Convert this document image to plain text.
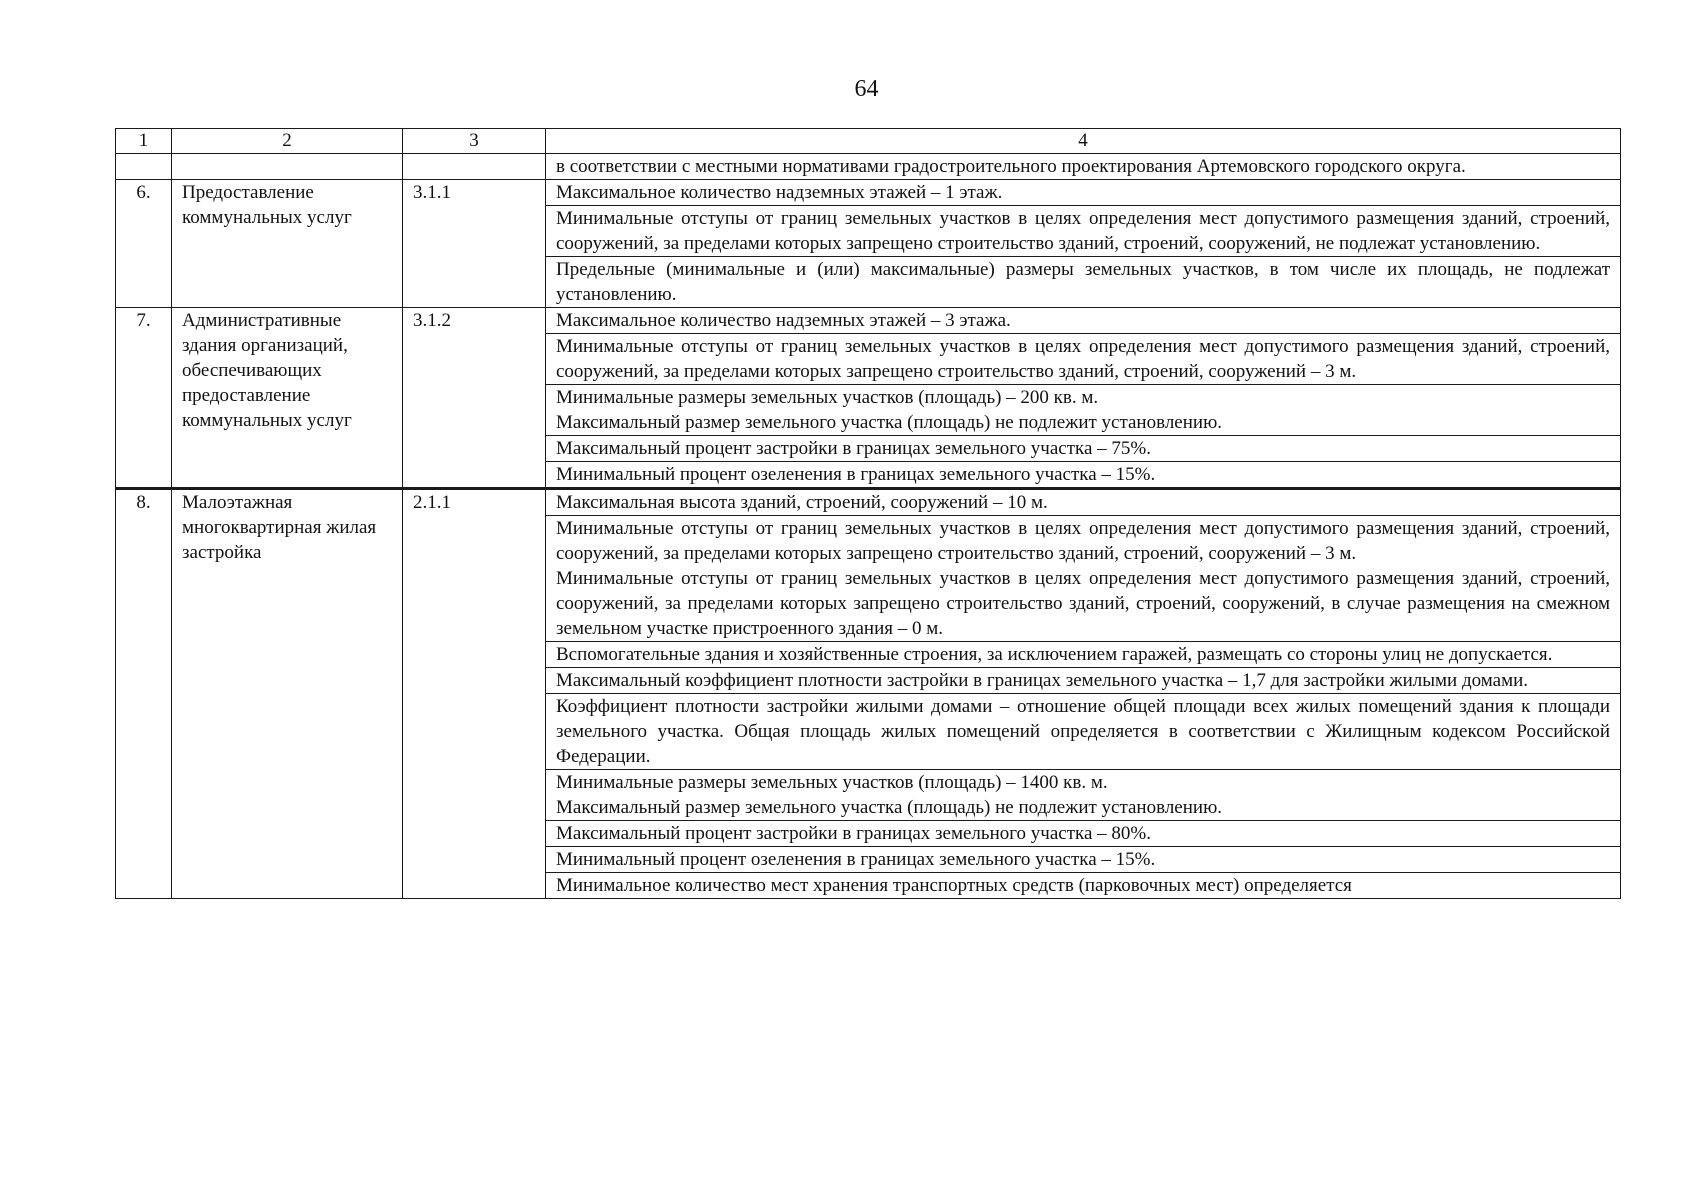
64
1	2	3	4
			в соответствии с местными нормативами градостроительного проектирования Артемовского городского округа.
6.	Предоставление коммунальных услуг	3.1.1	Максимальное количество надземных этажей – 1 этаж.

			Минимальные отступы от границ земельных участков в целях определения мест допустимого размещения зданий, строений, сооружений, за пределами которых запрещено строительство зданий, строений, сооружений, не подлежат установлению.

			Предельные (минимальные и (или) максимальные) размеры земельных участков, в том числе их площадь, не подлежат установлению.

7.	Административные здания организаций, обеспечивающих предоставление коммунальных услуг	3.1.2	Максимальное количество надземных этажей – 3 этажа.

			Минимальные отступы от границ земельных участков в целях определения мест допустимого размещения зданий, строений, сооружений, за пределами которых запрещено строительство зданий, строений, сооружений – 3 м.

			Минимальные размеры земельных участков (площадь) – 200 кв. м.
Максимальный размер земельного участка (площадь) не подлежит установлению.

			Максимальный процент застройки в границах земельного участка – 75%.

			Минимальный процент озеленения в границах земельного участка – 15%.

8.	Малоэтажная многоквартирная жилая застройка	2.1.1	Максимальная высота зданий, строений, сооружений – 10 м.

			Минимальные отступы от границ земельных участков в целях определения мест допустимого размещения зданий, строений, сооружений, за пределами которых запрещено строительство зданий, строений, сооружений – 3 м.
Минимальные отступы от границ земельных участков в целях определения мест допустимого размещения зданий, строений, сооружений, за пределами которых запрещено строительство зданий, строений, сооружений, в случае размещения на смежном земельном участке пристроенного здания – 0 м.

			Вспомогательные здания и хозяйственные строения, за исключением гаражей, размещать со стороны улиц не допускается.

			Максимальный коэффициент плотности застройки в границах земельного участка – 1,7 для застройки жилыми домами.

			Коэффициент плотности застройки жилыми домами – отношение общей площади всех жилых помещений здания к площади земельного участка. Общая площадь жилых помещений определяется в соответствии с Жилищным кодексом Российской Федерации.

			Минимальные размеры земельных участков (площадь) – 1400 кв. м.
Максимальный размер земельного участка (площадь) не подлежит установлению.

			Максимальный процент застройки в границах земельного участка – 80%.

			Минимальный процент озеленения в границах земельного участка – 15%.

			Минимальное количество мест хранения транспортных средств (парковочных мест) определяется
